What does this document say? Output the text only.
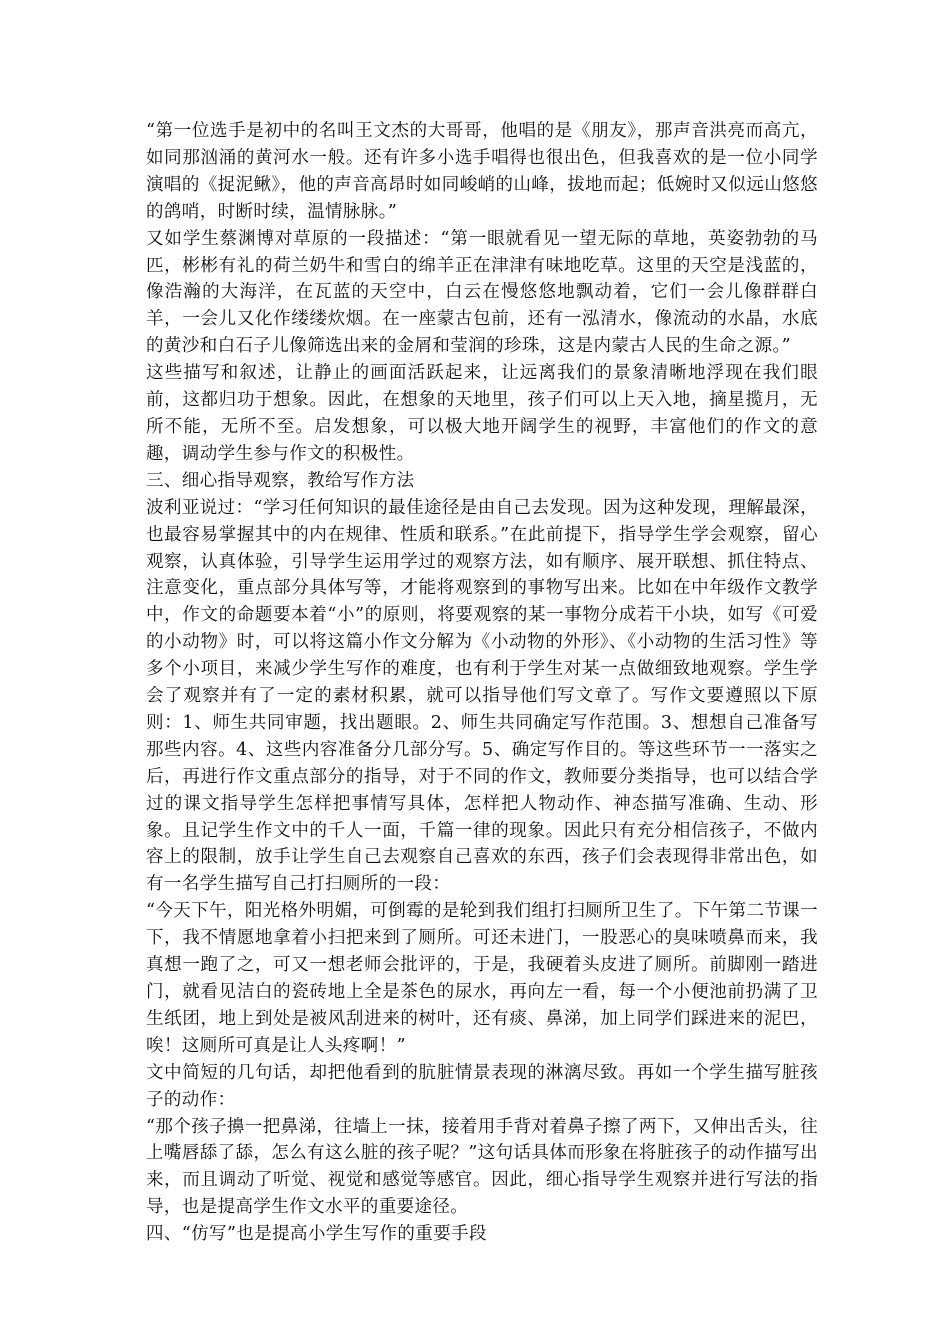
“第一位选手是初中的名叫王文杰的大哥哥，他唱的是《朋友》，那声音洪亮而高亢，如同那汹涌的黄河水一般。还有许多小选手唱得也很出色，但我喜欢的是一位小同学演唱的《捉泥鳅》，他的声音高昂时如同峻峭的山峰，拔地而起；低婉时又似远山悠悠的鸽哨，时断时续，温情脉脉。”

又如学生蔡渊博对草原的一段描述：“第一眼就看见一望无际的草地，英姿勃勃的马匹，彬彬有礼的荷兰奶牛和雪白的绵羊正在津津有味地吃草。这里的天空是浅蓝的，像浩瀚的大海洋，在瓦蓝的天空中，白云在慢悠悠地飘动着，它们一会儿像群群白羊，一会儿又化作缕缕炊烟。在一座蒙古包前，还有一泓清水，像流动的水晶，水底的黄沙和白石子儿像筛选出来的金屑和莹润的珍珠，这是内蒙古人民的生命之源。”

这些描写和叙述，让静止的画面活跃起来，让远离我们的景象清晰地浮现在我们眼前，这都归功于想象。因此，在想象的天地里，孩子们可以上天入地，摘星揽月，无所不能，无所不至。启发想象，可以极大地开阔学生的视野，丰富他们的作文的意趣，调动学生参与作文的积极性。

三、细心指导观察，教给写作方法

波利亚说过：“学习任何知识的最佳途径是由自己去发现。因为这种发现，理解最深，也最容易掌握其中的内在规律、性质和联系。”在此前提下，指导学生学会观察，留心观察，认真体验，引导学生运用学过的观察方法，如有顺序、展开联想、抓住特点、注意变化，重点部分具体写等，才能将观察到的事物写出来。比如在中年级作文教学中，作文的命题要本着“小”的原则，将要观察的某一事物分成若干小块，如写《可爱的小动物》时，可以将这篇小作文分解为《小动物的外形》、《小动物的生活习性》等多个小项目，来减少学生写作的难度，也有利于学生对某一点做细致地观察。学生学会了观察并有了一定的素材积累，就可以指导他们写文章了。写作文要遵照以下原则：1、师生共同审题，找出题眼。2、师生共同确定写作范围。3、想想自己准备写那些内容。4、这些内容准备分几部分写。5、确定写作目的。等这些环节一一落实之后，再进行作文重点部分的指导，对于不同的作文，教师要分类指导，也可以结合学过的课文指导学生怎样把事情写具体，怎样把人物动作、神态描写准确、生动、形象。且记学生作文中的千人一面，千篇一律的现象。因此只有充分相信孩子，不做内容上的限制，放手让学生自己去观察自己喜欢的东西，孩子们会表现得非常出色，如有一名学生描写自己打扫厕所的一段：

“今天下午，阳光格外明媚，可倒霉的是轮到我们组打扫厕所卫生了。下午第二节课一下，我不情愿地拿着小扫把来到了厕所。可还未进门，一股恶心的臭味喷鼻而来，我真想一跑了之，可又一想老师会批评的，于是，我硬着头皮进了厕所。前脚刚一踏进门，就看见洁白的瓷砖地上全是茶色的尿水，再向左一看，每一个小便池前扔满了卫生纸团，地上到处是被风刮进来的树叶，还有痰、鼻涕，加上同学们踩进来的泥巴，唉！这厕所可真是让人头疼啊！”

文中简短的几句话，却把他看到的肮脏情景表现的淋漓尽致。再如一个学生描写脏孩子的动作：

“那个孩子擤一把鼻涕，往墙上一抹，接着用手背对着鼻子擦了两下，又伸出舌头，往上嘴唇舔了舔，怎么有这么脏的孩子呢？”这句话具体而形象在将脏孩子的动作描写出来，而且调动了听觉、视觉和感觉等感官。因此，细心指导学生观察并进行写法的指导，也是提高学生作文水平的重要途径。

四、“仿写”也是提高小学生写作的重要手段
